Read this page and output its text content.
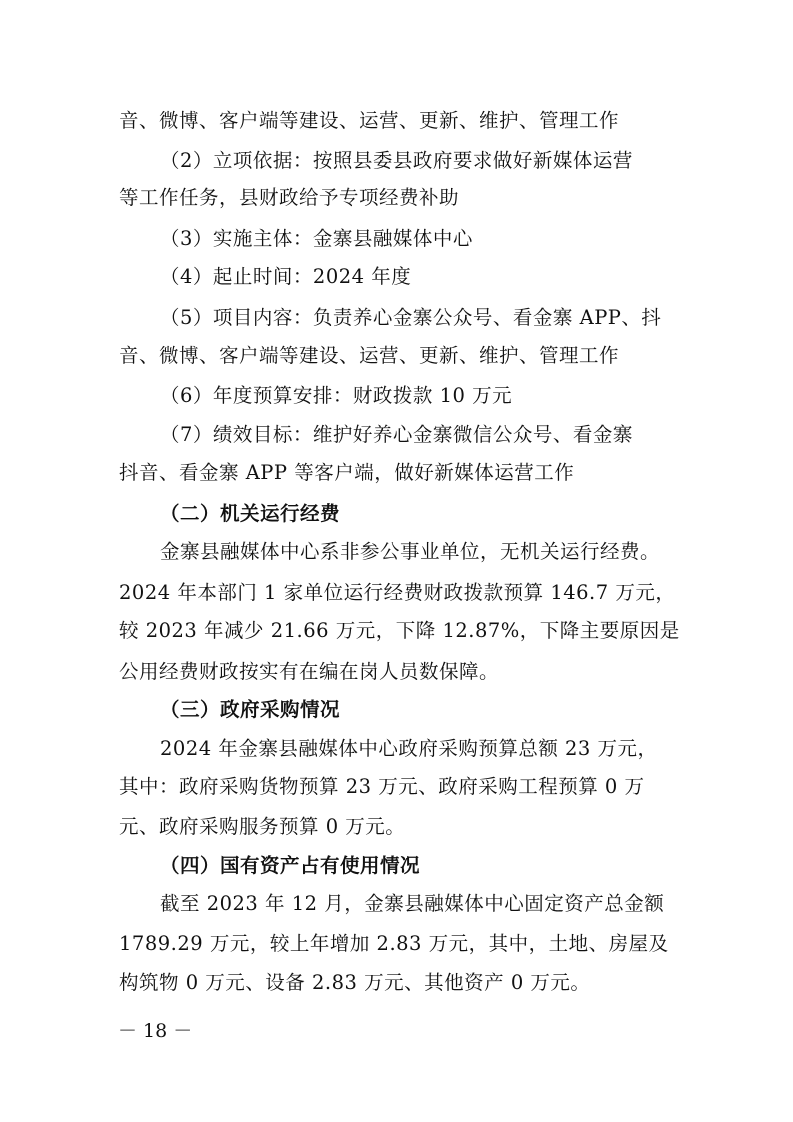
音、微博、客户端等建设、运营、更新、维护、管理工作
（2）立项依据：按照县委县政府要求做好新媒体运营
等工作任务，县财政给予专项经费补助
（3）实施主体：金寨县融媒体中心
（4）起止时间：2024 年度
（5）项目内容：负责养心金寨公众号、看金寨 APP、抖
音、微博、客户端等建设、运营、更新、维护、管理工作
（6）年度预算安排：财政拨款 10 万元
（7）绩效目标：维护好养心金寨微信公众号、看金寨
抖音、看金寨 APP 等客户端，做好新媒体运营工作
（二）机关运行经费
金寨县融媒体中心系非参公事业单位，无机关运行经费。
2024 年本部门 1 家单位运行经费财政拨款预算 146.7 万元，
较 2023 年减少 21.66 万元，下降 12.87%，下降主要原因是
公用经费财政按实有在编在岗人员数保障。
（三）政府采购情况
2024 年金寨县融媒体中心政府采购预算总额 23 万元，
其中：政府采购货物预算 23 万元、政府采购工程预算 0 万
元、政府采购服务预算 0 万元。
（四）国有资产占有使用情况
截至 2023 年 12 月，金寨县融媒体中心固定资产总金额
1789.29 万元，较上年增加 2.83 万元，其中，土地、房屋及
构筑物 0 万元、设备 2.83 万元、其他资产 0 万元。
－ 18 －
